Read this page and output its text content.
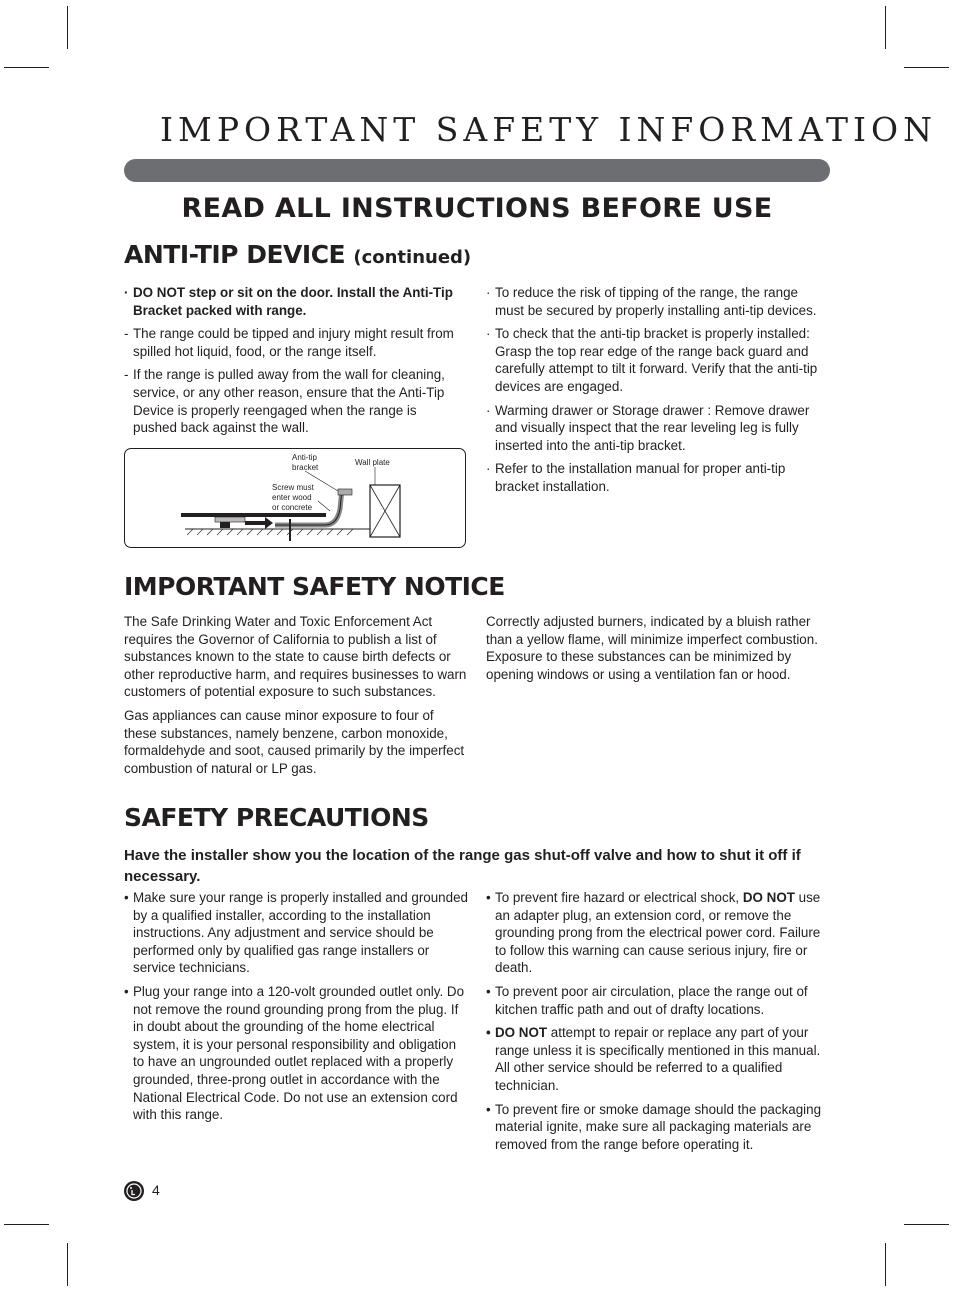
IMPORTANT SAFETY INFORMATION
READ ALL INSTRUCTIONS BEFORE USE
ANTI-TIP DEVICE (continued)
· DO NOT step or sit on the door. Install the Anti-Tip Bracket packed with range.
- The range could be tipped and injury might result from spilled hot liquid, food, or the range itself.
- If the range is pulled away from the wall for cleaning, service, or any other reason, ensure that the Anti-Tip Device is properly reengaged when the range is pushed back against the wall.
Anti-tip
bracket
Wall plate
Screw must
enter wood
or concrete
· To reduce the risk of tipping of the range, the range must be secured by properly installing anti-tip devices.
· To check that the anti-tip bracket is properly installed: Grasp the top rear edge of the range back guard and carefully attempt to tilt it forward. Verify that the anti-tip devices are engaged.
· Warming drawer or Storage drawer : Remove drawer and visually inspect that the rear leveling leg is fully inserted into the anti-tip bracket.
· Refer to the installation manual for proper anti-tip bracket installation.
IMPORTANT SAFETY NOTICE

The Safe Drinking Water and Toxic Enforcement Act requires the Governor of California to publish a list of substances known to the state to cause birth defects or other reproductive harm, and requires businesses to warn customers of potential exposure to such substances.

Gas appliances can cause minor exposure to four of these substances, namely benzene, carbon monoxide, formaldehyde and soot, caused primarily by the imperfect combustion of natural or LP gas.

Correctly adjusted burners, indicated by a bluish rather than a yellow flame, will minimize imperfect combustion. Exposure to these substances can be minimized by opening windows or using a ventilation fan or hood.

SAFETY PRECAUTIONS
Have the installer show you the location of the range gas shut-off valve and how to shut it off if necessary.
• Make sure your range is properly installed and grounded by a qualified installer, according to the installation instructions. Any adjustment and service should be performed only by qualified gas range installers or service technicians.
• Plug your range into a 120-volt grounded outlet only. Do not remove the round grounding prong from the plug. If in doubt about the grounding of the home electrical system, it is your personal responsibility and obligation to have an ungrounded outlet replaced with a properly grounded, three-prong outlet in accordance with the National Electrical Code. Do not use an extension cord with this range.
• To prevent fire hazard or electrical shock, DO NOT use an adapter plug, an extension cord, or remove the grounding prong from the electrical power cord. Failure to follow this warning can cause serious injury, fire or death.
• To prevent poor air circulation, place the range out of kitchen traffic path and out of drafty locations.
• DO NOT attempt to repair or replace any part of your range unless it is specifically mentioned in this manual. All other service should be referred to a qualified technician.
• To prevent fire or smoke damage should the packaging material ignite, make sure all packaging materials are removed from the range before operating it.
4
